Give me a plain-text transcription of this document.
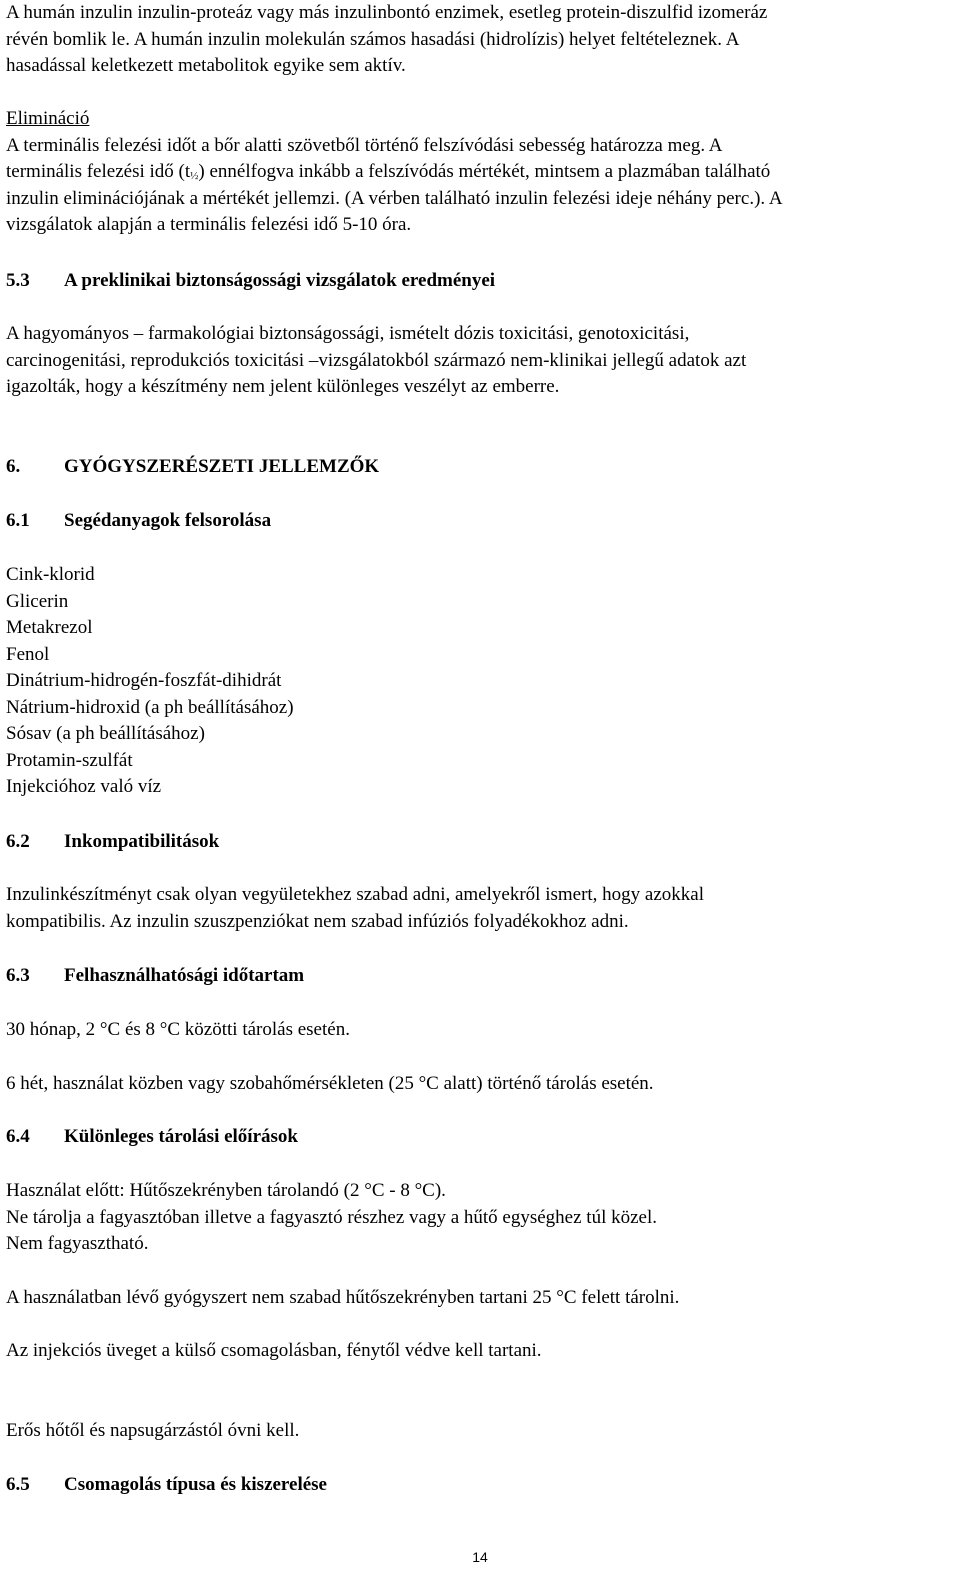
A humán inzulin inzulin-proteáz vagy más inzulinbontó enzimek, esetleg protein-diszulfid izomeráz

révén bomlik le. A humán inzulin molekulán számos hasadási (hidrolízis) helyet feltételeznek. A

hasadással keletkezett metabolitok egyike sem aktív.

Elimináció

A terminális felezési időt a bőr alatti szövetből történő felszívódási sebesség határozza meg. A

terminális felezési idő $(t_{\frac{1}{2}})$ ennélfogva inkább a felszívódás mértékét, mintsem a plazmában található

inzulin eliminációjának a mértékét jellemzi. (A vérben található inzulin felezési ideje néhány perc.). A

vizsgálatok alapján a terminális felezési idő 5-10 óra.

5.3 A preklinikai biztonságossági vizsgálatok eredményei

A hagyományos – farmakológiai biztonságossági, ismételt dózis toxicitási, genotoxicitási,

carcinogenitási, reprodukciós toxicitási –vizsgálatokból származó nem-klinikai jellegű adatok azt

igazolták, hogy a készítmény nem jelent különleges veszélyt az emberre.

6. GYÓGYSZERÉSZETI JELLEMZŐK
6.1 Segédanyagok felsorolása
Cink-klorid
Glicerin
Metakrezol
Fenol
Dinátrium-hidrogén-foszfát-dihidrát
Nátrium-hidroxid (a ph beállításához)
Sósav (a ph beállításához)
Protamin-szulfát
Injekcióhoz való víz
6.2 Inkompatibilitások

Inzulinkészítményt csak olyan vegyületekhez szabad adni, amelyekről ismert, hogy azokkal

kompatibilis. Az inzulin szuszpenziókat nem szabad infúziós folyadékokhoz adni.

6.3 Felhasználhatósági időtartam

30 hónap, 2 °C és 8 °C közötti tárolás esetén.

6 hét, használat közben vagy szobahőmérsékleten (25 °C alatt) történő tárolás esetén.

6.4 Különleges tárolási előírások

Használat előtt: Hűtőszekrényben tárolandó (2 °C - 8 °C).

Ne tárolja a fagyasztóban illetve a fagyasztó részhez vagy a hűtő egységhez túl közel.

Nem fagyasztható.

A használatban lévő gyógyszert nem szabad hűtőszekrényben tartani 25 °C felett tárolni.

Az injekciós üveget a külső csomagolásban, fénytől védve kell tartani.

Erős hőtől és napsugárzástól óvni kell.

6.5 Csomagolás típusa és kiszerelése
14
